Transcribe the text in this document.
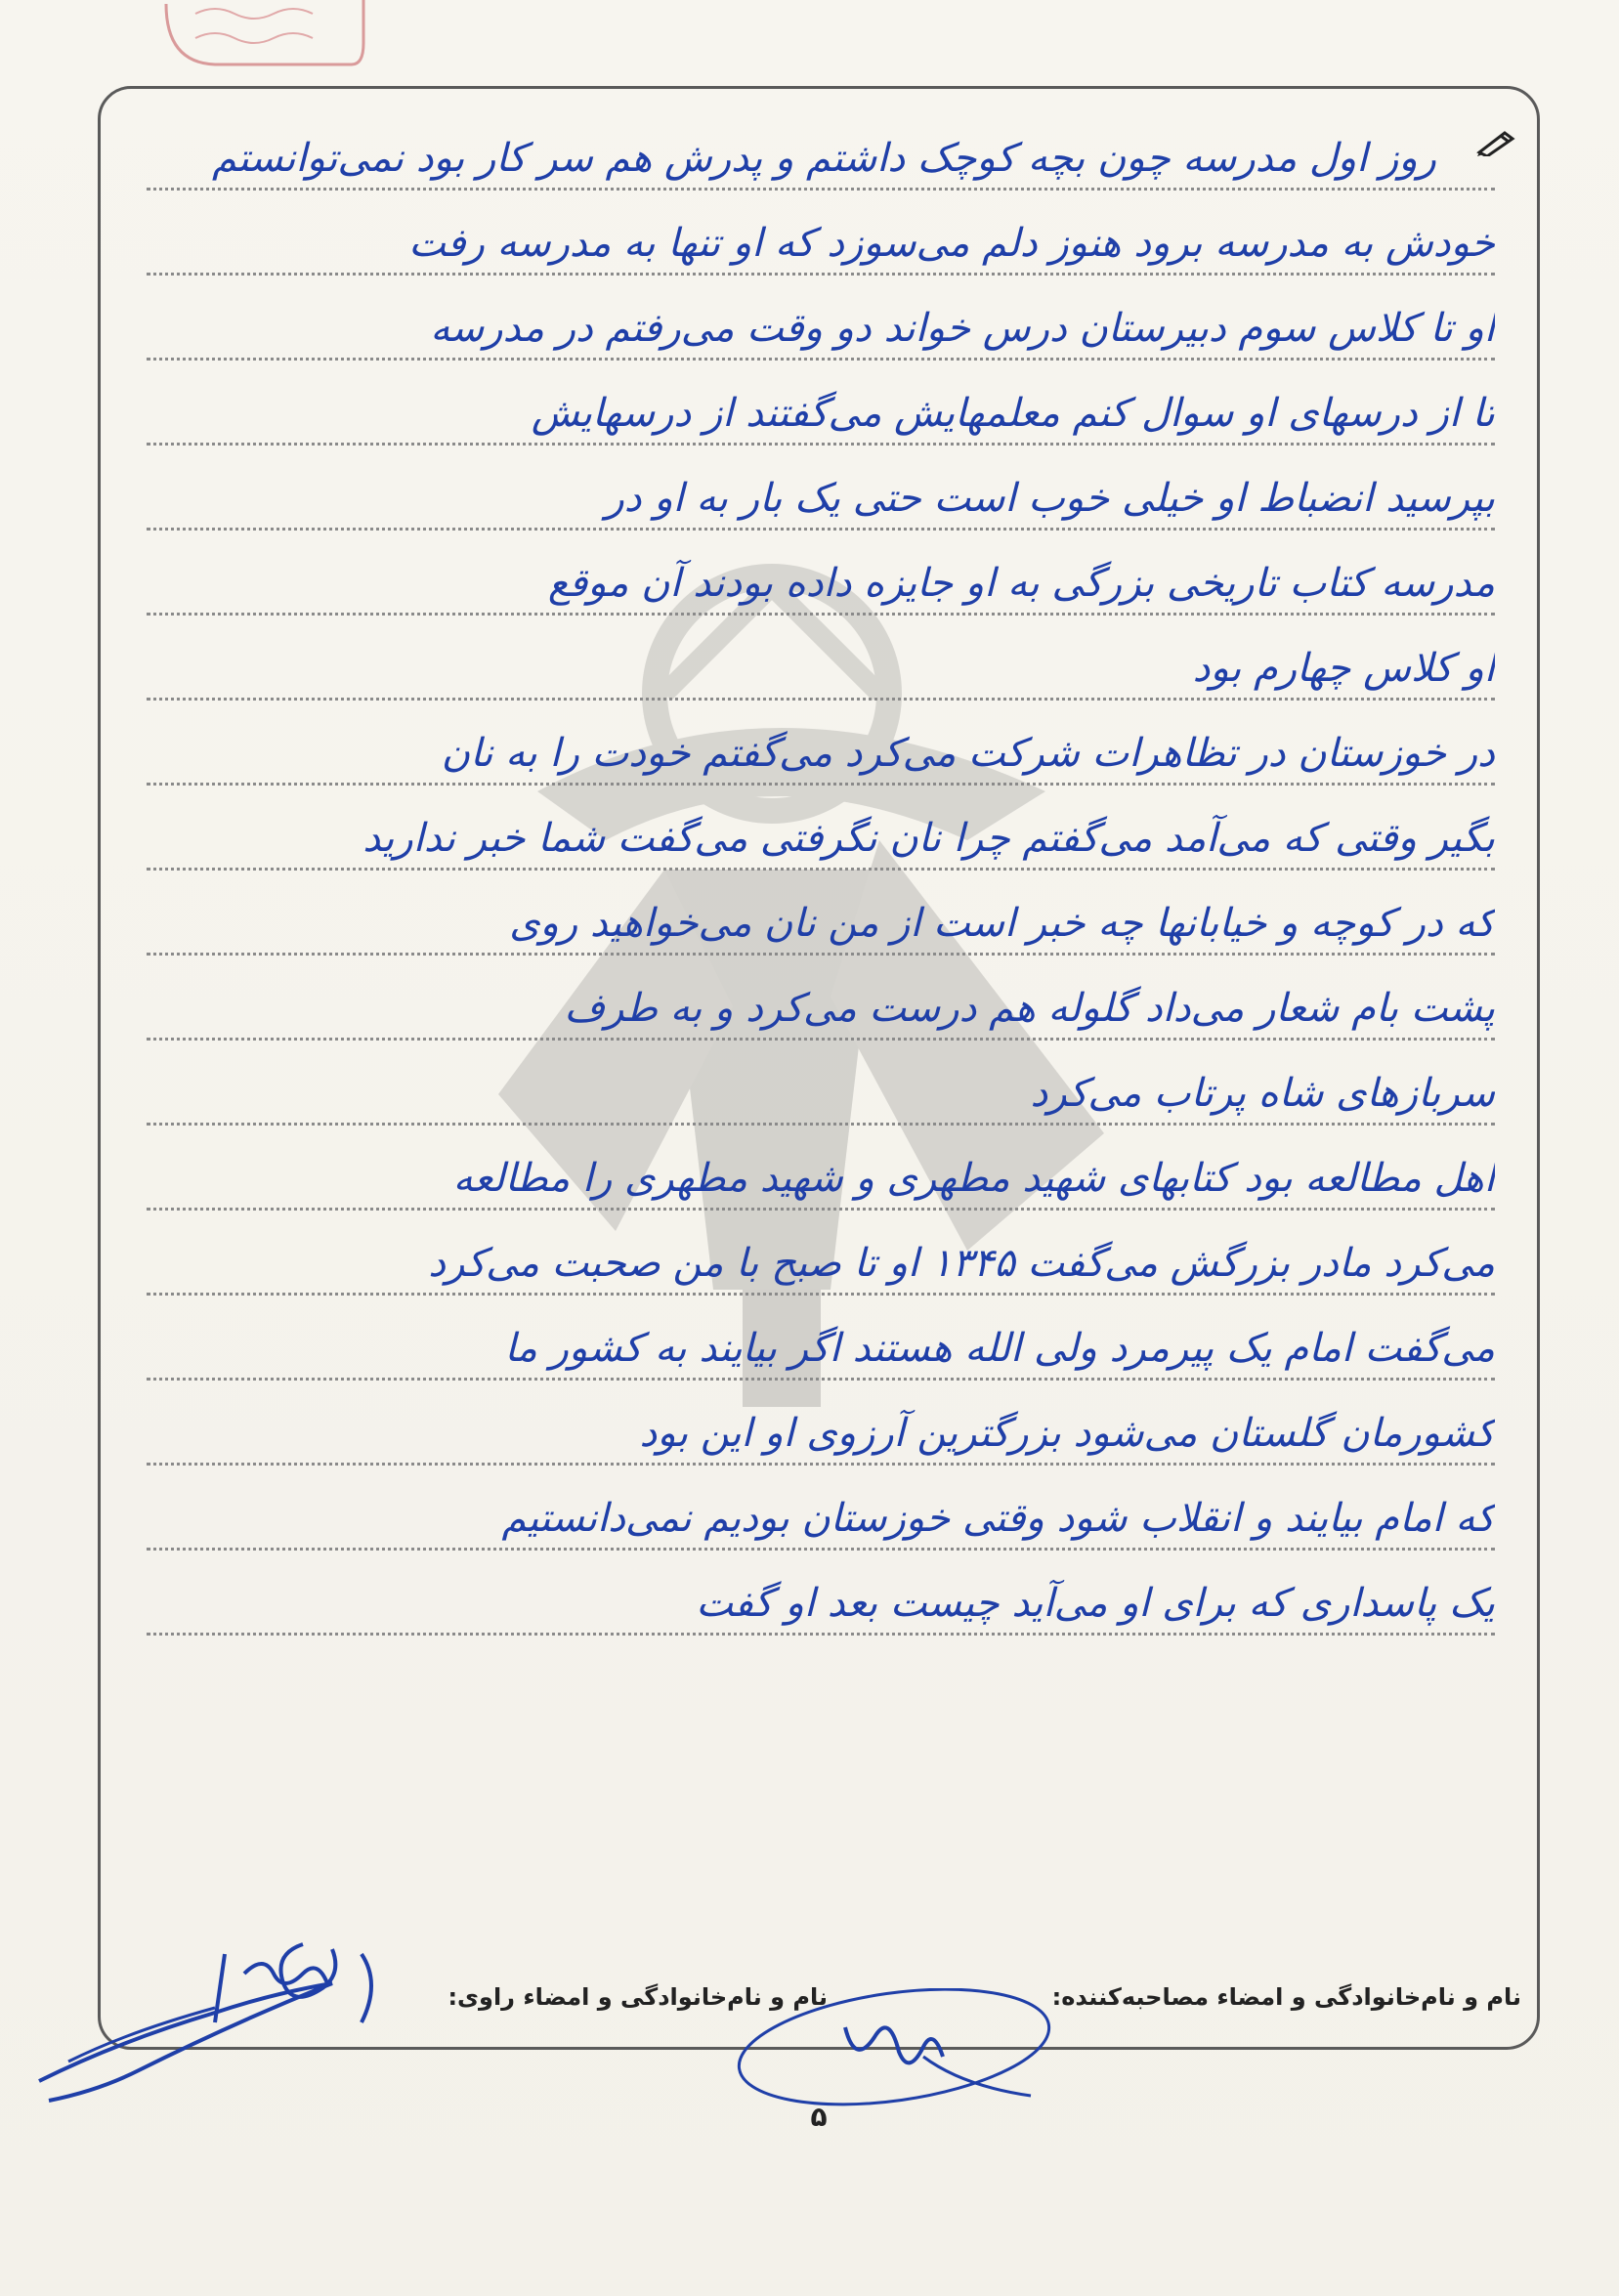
روز اول مدرسه چون بچه کوچک داشتم و پدرش هم سر کار بود نمی‌توانستم
خودش به مدرسه برود هنوز دلم می‌سوزد که او تنها به مدرسه رفت
او تا کلاس سوم دبیرستان درس خواند دو وقت می‌رفتم در مدرسه
تا از درسهای او سوال کنم معلمهایش می‌گفتند از درسهایش
بپرسید انضباط او خیلی خوب است حتی یک بار به او در
مدرسه کتاب تاریخی بزرگی به او جایزه داده بودند آن موقع
او کلاس چهارم بود
در خوزستان در تظاهرات شرکت می‌کرد می‌گفتم خودت را به نان
بگیر وقتی که می‌آمد می‌گفتم چرا نان نگرفتی می‌گفت شما خبر ندارید
که در کوچه و خیابانها چه خبر است از من نان می‌خواهید روی
پشت بام شعار می‌داد گلوله هم درست می‌کرد و به طرف
سربازهای شاه پرتاب می‌کرد
اهل مطالعه بود کتابهای شهید مطهری و شهید مطهری را مطالعه
می‌کرد مادر بزرگش می‌گفت ۱۳۴۵ او تا صبح با من صحبت می‌کرد
می‌گفت امام یک پیرمرد ولی الله هستند اگر بیایند به کشور ما
کشورمان گلستان می‌شود بزرگترین آرزوی او این بود
که امام بیایند و انقلاب شود وقتی خوزستان بودیم نمی‌دانستیم
یک پاسداری که برای او می‌آید چیست بعد او گفت
نام و نام‌خانوادگی و امضاء مصاحبه‌کننده:
نام و نام‌خانوادگی و امضاء راوی:
۵
